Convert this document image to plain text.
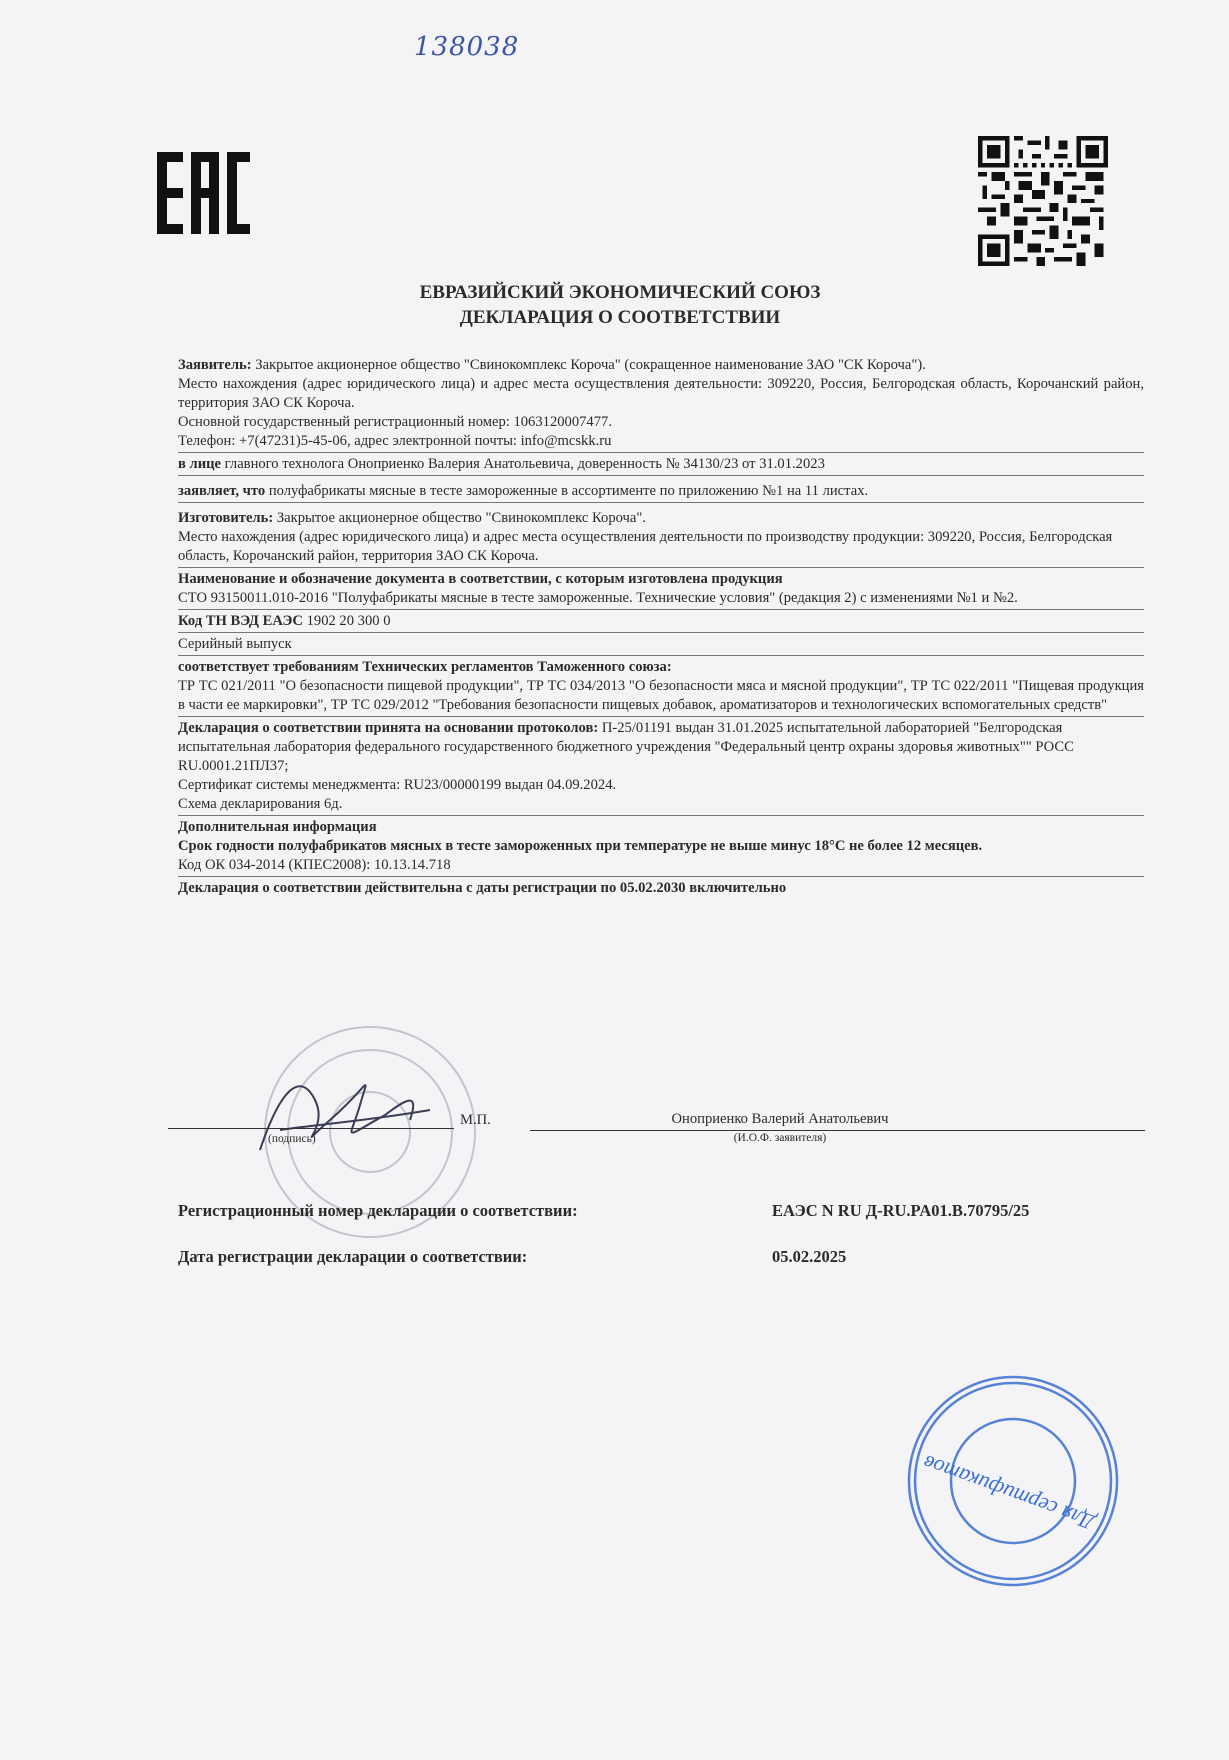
138038
ЕВРАЗИЙСКИЙ ЭКОНОМИЧЕСКИЙ СОЮЗ
ДЕКЛАРАЦИЯ О СООТВЕТСТВИИ

Заявитель: Закрытое акционерное общество "Свинокомплекс Короча" (сокращенное наименование ЗАО "СК Короча").

Место нахождения (адрес юридического лица) и адрес места осуществления деятельности: 309220, Россия, Белгородская область, Корочанский район, территория ЗАО СК Короча.

Основной государственный регистрационный номер: 1063120007477.

Телефон: +7(47231)5-45-06, адрес электронной почты: info@mcskk.ru

в лице главного технолога Оноприенко Валерия Анатольевича, доверенность № 34130/23 от 31.01.2023

заявляет, что полуфабрикаты мясные в тесте замороженные в ассортименте по приложению №1 на 11 листах.

Изготовитель: Закрытое акционерное общество "Свинокомплекс Короча".

Место нахождения (адрес юридического лица) и адрес места осуществления деятельности по производству продукции: 309220, Россия, Белгородская область, Корочанский район, территория ЗАО СК Короча.

Наименование и обозначение документа в соответствии, с которым изготовлена продукция

СТО 93150011.010-2016 "Полуфабрикаты мясные в тесте замороженные. Технические условия" (редакция 2) с изменениями №1 и №2.

Код ТН ВЭД ЕАЭС 1902 20 300 0

Серийный выпуск

соответствует требованиям Технических регламентов Таможенного союза:

ТР ТС 021/2011 "О безопасности пищевой продукции", ТР ТС 034/2013 "О безопасности мяса и мясной продукции", ТР ТС 022/2011 "Пищевая продукция в части ее маркировки", ТР ТС 029/2012 "Требования безопасности пищевых добавок, ароматизаторов и технологических вспомогательных средств"

Декларация о соответствии принята на основании протоколов: П-25/01191 выдан 31.01.2025 испытательной лабораторией "Белгородская испытательная лаборатория федерального государственного бюджетного учреждения "Федеральный центр охраны здоровья животных"" РОСС RU.0001.21ПЛ37;

Сертификат системы менеджмента: RU23/00000199 выдан 04.09.2024.

Схема декларирования 6д.

Дополнительная информация

Срок годности полуфабрикатов мясных в тесте замороженных при температуре не выше минус 18°С не более 12 месяцев.

Код ОК 034-2014 (КПЕС2008): 10.13.14.718

Декларация о соответствии действительна с даты регистрации по 05.02.2030 включительно

(подпись)
М.П.	Оноприенко Валерий Анатольевич
(И.О.Ф. заявителя)
Регистрационный номер декларации о соответствии:	ЕАЭС N RU Д-RU.PA01.B.70795/25
Дата регистрации декларации о соответствии:	05.02.2025
Для сертификатов
